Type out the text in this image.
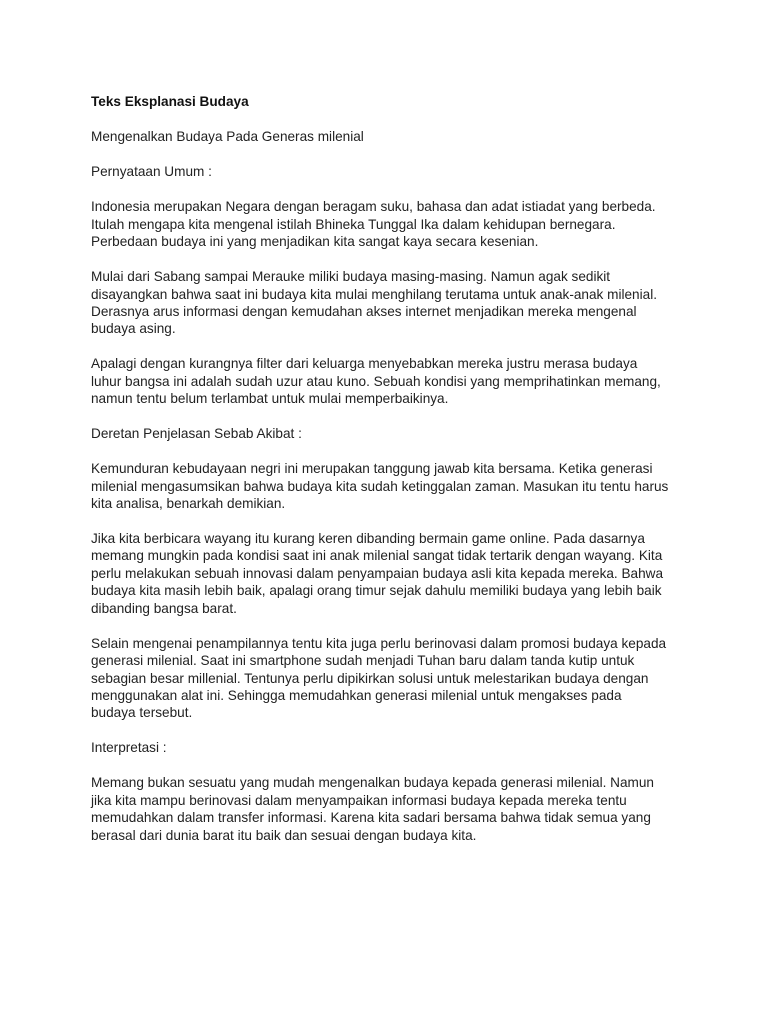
Teks Eksplanasi Budaya
Mengenalkan Budaya Pada Generas milenial
Pernyataan Umum :
Indonesia merupakan Negara dengan beragam suku, bahasa dan adat istiadat yang berbeda.
Itulah mengapa kita mengenal istilah Bhineka Tunggal Ika dalam kehidupan bernegara.
Perbedaan budaya ini yang menjadikan kita sangat kaya secara kesenian.
Mulai dari Sabang sampai Merauke miliki budaya masing-masing. Namun agak sedikit
disayangkan bahwa saat ini budaya kita mulai menghilang terutama untuk anak-anak milenial.
Derasnya arus informasi dengan kemudahan akses internet menjadikan mereka mengenal
budaya asing.
Apalagi dengan kurangnya filter dari keluarga menyebabkan mereka justru merasa budaya
luhur bangsa ini adalah sudah uzur atau kuno. Sebuah kondisi yang memprihatinkan memang,
namun tentu belum terlambat untuk mulai memperbaikinya.
Deretan Penjelasan Sebab Akibat :
Kemunduran kebudayaan negri ini merupakan tanggung jawab kita bersama. Ketika generasi
milenial mengasumsikan bahwa budaya kita sudah ketinggalan zaman. Masukan itu tentu harus
kita analisa, benarkah demikian.
Jika kita berbicara wayang itu kurang keren dibanding bermain game online. Pada dasarnya
memang mungkin pada kondisi saat ini anak milenial sangat tidak tertarik dengan wayang. Kita
perlu melakukan sebuah innovasi dalam penyampaian budaya asli kita kepada mereka. Bahwa
budaya kita masih lebih baik, apalagi orang timur sejak dahulu memiliki budaya yang lebih baik
dibanding bangsa barat.
Selain mengenai penampilannya tentu kita juga perlu berinovasi dalam promosi budaya kepada
generasi milenial. Saat ini smartphone sudah menjadi Tuhan baru dalam tanda kutip untuk
sebagian besar millenial. Tentunya perlu dipikirkan solusi untuk melestarikan budaya dengan
menggunakan alat ini. Sehingga memudahkan generasi milenial untuk mengakses pada
budaya tersebut.
Interpretasi :
Memang bukan sesuatu yang mudah mengenalkan budaya kepada generasi milenial. Namun
jika kita mampu berinovasi dalam menyampaikan informasi budaya kepada mereka tentu
memudahkan dalam transfer informasi. Karena kita sadari bersama bahwa tidak semua yang
berasal dari dunia barat itu baik dan sesuai dengan budaya kita.
